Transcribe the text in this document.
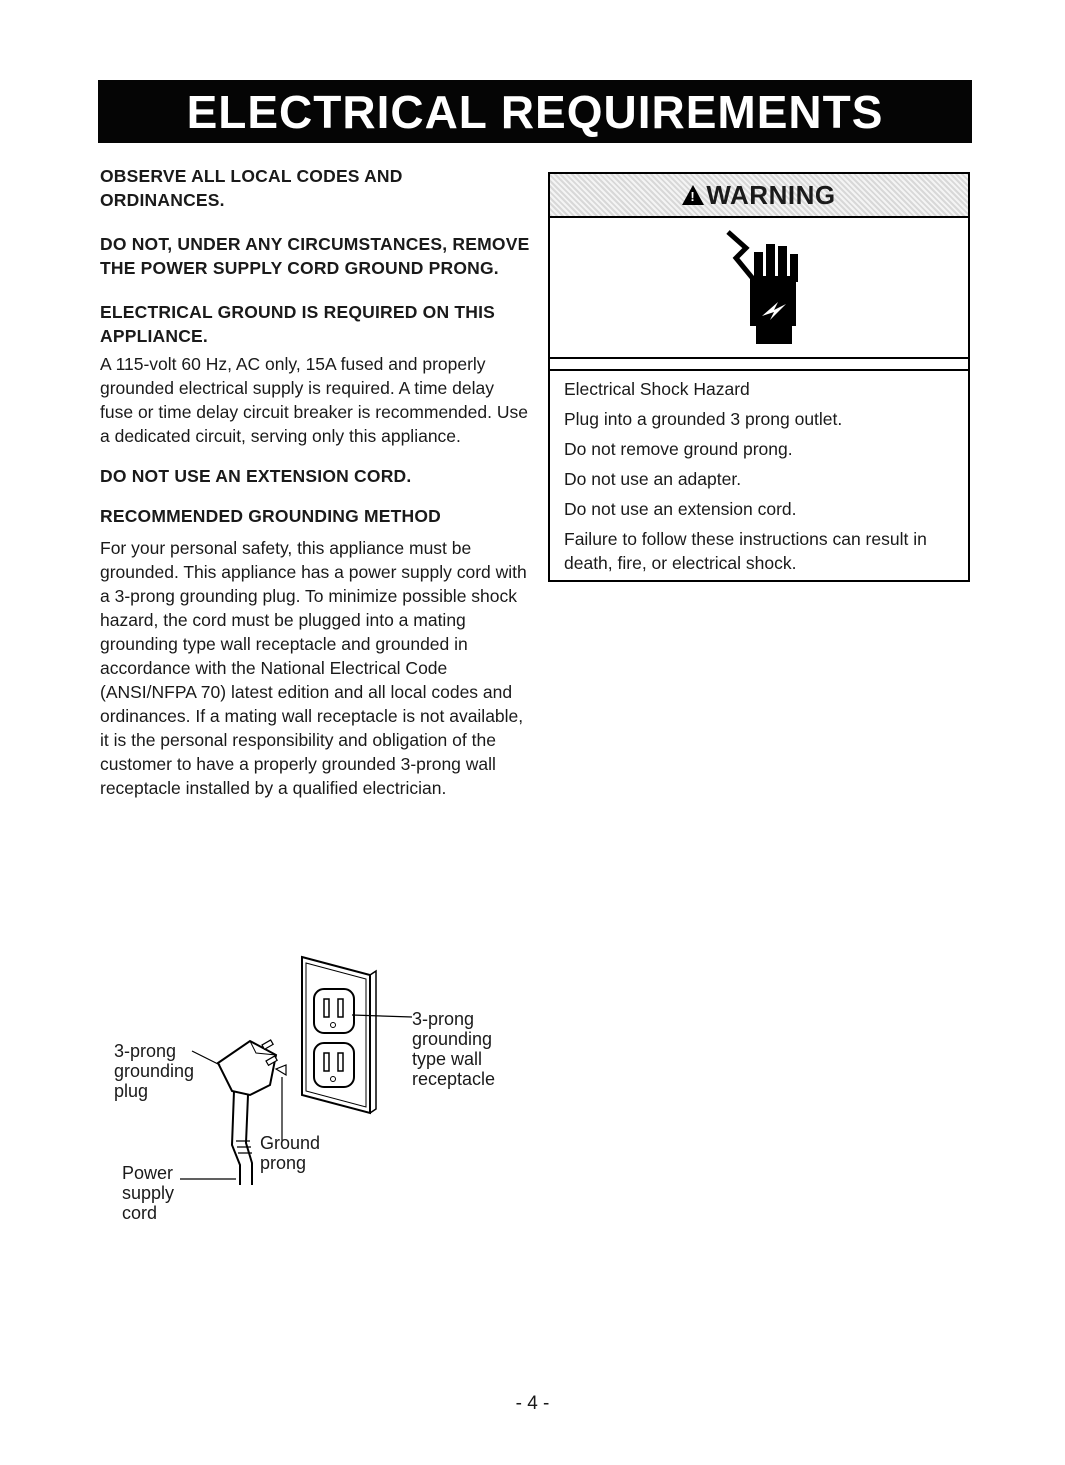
ELECTRICAL REQUIREMENTS

OBSERVE ALL LOCAL CODES AND ORDINANCES.

DO NOT, UNDER ANY CIRCUMSTANCES, REMOVE THE POWER SUPPLY CORD GROUND PRONG.

ELECTRICAL GROUND IS REQUIRED ON THIS APPLIANCE.

A 115-volt 60 Hz, AC only, 15A fused and properly grounded electrical supply is required. A time delay fuse or time delay circuit breaker is recommended. Use a dedicated circuit, serving only this appliance.

DO NOT USE AN EXTENSION CORD.

RECOMMENDED GROUNDING METHOD

For your personal safety, this appliance must be grounded. This appliance has a power supply cord with a 3-prong grounding plug. To minimize possible shock hazard, the cord must be plugged into a mating grounding type wall receptacle and grounded in accordance with the National Electrical Code (ANSI/NFPA 70) latest edition and all local codes and ordinances. If a mating wall receptacle is not available, it is the personal responsibility and obligation of the customer to have a properly grounded 3-prong wall receptacle installed by a qualified electrician.

!
WARNING
Electrical Shock Hazard
Plug into a grounded 3 prong outlet.
Do not remove ground prong.
Do not use an adapter.
Do not use an extension cord.
Failure to follow these instructions can result in death, fire, or electrical shock.
3-prong
grounding
plug
3-prong
grounding
type wall
receptacle
Ground
prong
Power
supply
cord
- 4 -
